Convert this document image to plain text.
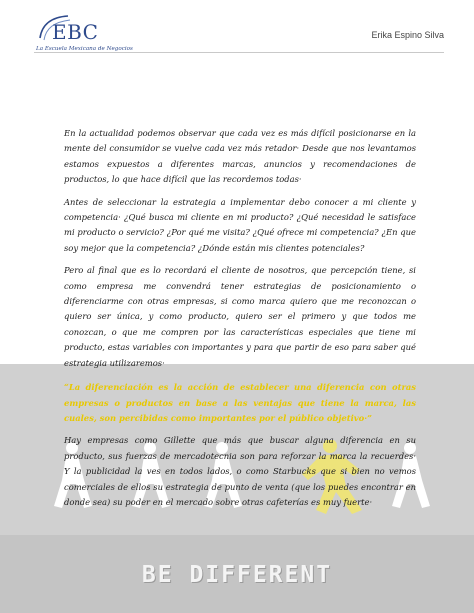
EBC
La Escuela Mexicana de Negocios
Erika Espino Silva
BE DIFFERENT

En la actualidad podemos observar que cada vez es más difícil posicionarse en la mente del consumidor se vuelve cada vez más retador· Desde que nos levantamos estamos expuestos a diferentes marcas, anuncios y recomendaciones de productos, lo que hace difícil que las recordemos todas·

Antes de seleccionar la estrategia a implementar debo conocer a mi cliente y competencia· ¿Qué busca mi cliente en mi producto? ¿Qué necesidad le satisface mi producto o servicio? ¿Por qué me visita? ¿Qué ofrece mi competencia? ¿En que soy mejor que la competencia? ¿Dónde están mis clientes potenciales?

Pero al final que es lo recordará el cliente de nosotros, que percepción tiene, si como empresa me convendrá tener estrategias de posicionamiento o diferenciarme con otras empresas, si como marca quiero que me reconozcan o quiero ser única, y como producto, quiero ser el primero y que todos me conozcan, o que me compren por las características especiales que tiene mi producto, estas variables con importantes y para que partir de eso para saber qué estrategia utilizaremos·

“La diferenciación es la acción de establecer una diferencia con otras empresas o productos en base a las ventajas que tiene la marca, las cuales, son percibidas como importantes por el público objetivo·”

Hay empresas como Gillette que más que buscar alguna diferencia en su producto, sus fuerzas de mercadotecnia son para reforzar la marca la recuerdes· Y la publicidad la ves en todos lados, o como Starbucks que si bien no vemos comerciales de ellos su estrategia de punto de venta (que los puedes encontrar en donde sea) su poder en el mercado sobre otras cafeterías es muy fuerte·
